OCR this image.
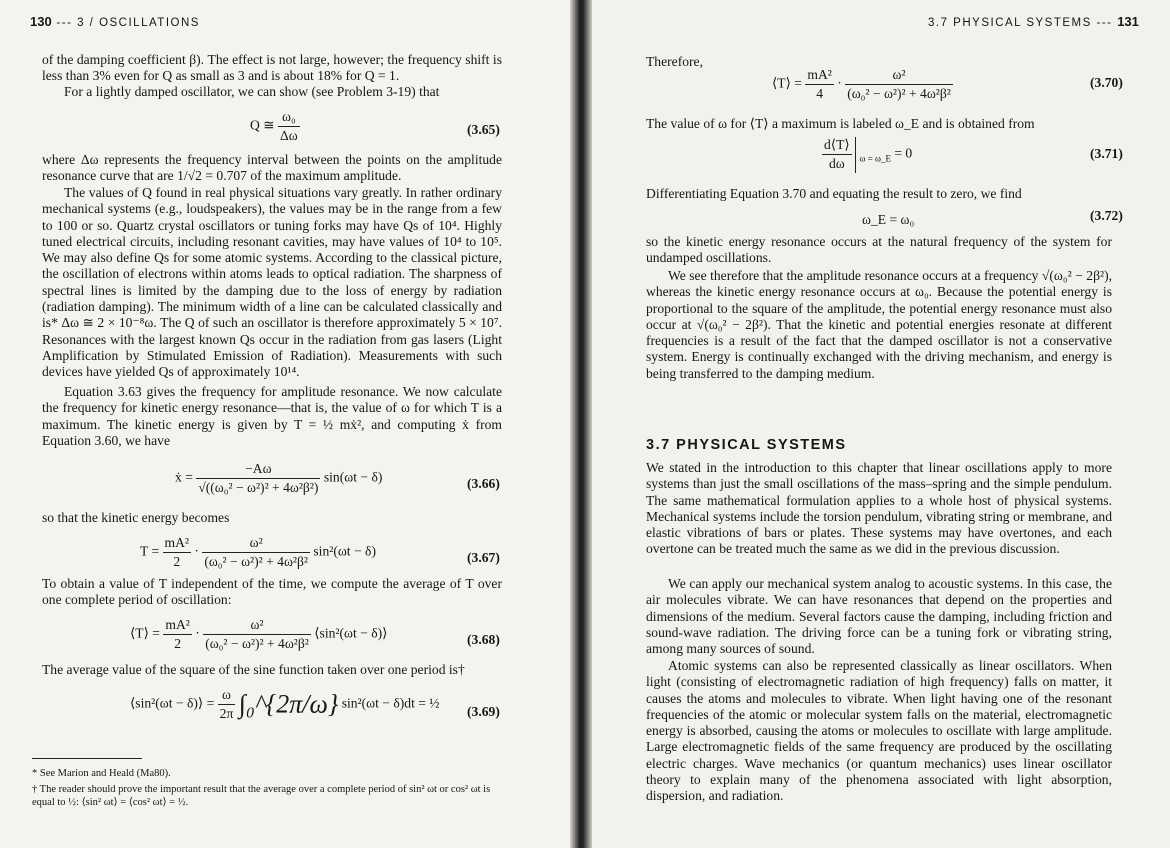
130 --- 3 / OSCILLATIONS

of the damping coefficient β). The effect is not large, however; the frequency shift is less than 3% even for Q as small as 3 and is about 18% for Q = 1.

For a lightly damped oscillator, we can show (see Problem 3-19) that

Q ≅ $\frac{\text{ω₀}}{\Delta\omega}$	(3.65)

where Δω represents the frequency interval between the points on the amplitude resonance curve that are 1/√2 = 0.707 of the maximum amplitude.

The values of Q found in real physical situations vary greatly. In rather ordinary mechanical systems (e.g., loudspeakers), the values may be in the range from a few to 100 or so. Quartz crystal oscillators or tuning forks may have Qs of 10⁴. Highly tuned electrical circuits, including resonant cavities, may have values of 10⁴ to 10⁵. We may also define Qs for some atomic systems. According to the classical picture, the oscillation of electrons within atoms leads to optical radiation. The sharpness of spectral lines is limited by the damping due to the loss of energy by radiation (radiation damping). The minimum width of a line can be calculated classically and is* Δω ≅ 2 × 10⁻⁸ω. The Q of such an oscillator is therefore approximately 5 × 10⁷. Resonances with the largest known Qs occur in the radiation from gas lasers (Light Amplification by Stimulated Emission of Radiation). Measurements with such devices have yielded Qs of approximately 10¹⁴.

Equation 3.63 gives the frequency for amplitude resonance. We now calculate the frequency for kinetic energy resonance—that is, the value of ω for which T is a maximum. The kinetic energy is given by T = ½ mẋ², and computing ẋ from Equation 3.60, we have

ẋ = $\frac{-A\omega}{\text{√((ω₀² − ω²)² + 4ω²β²)}} \sin(\omega t - \delta)$	(3.66)

so that the kinetic energy becomes

$T = \frac{\text{mA²}}{2} \cdot \frac{\text{ω²}}{\text{(ω₀² − ω²)² + 4ω²β²}} \sin^2(\omega t - \delta)$	(3.67)

To obtain a value of T independent of the time, we compute the average of T over one complete period of oscillation:

⟨T⟩ = $\frac{\text{mA²}}{2} \cdot \frac{\text{ω²}}{\text{(ω₀² − ω²)² + 4ω²β²}}$ ⟨sin²(ωt − δ)⟩	(3.68)

The average value of the square of the sine function taken over one period is†

⟨sin²(ωt − δ)⟩ = $\frac{\omega}{2\pi}$ ∫₀^{2π/ω} sin²(ωt − δ)dt = ½
(3.69)

* See Marion and Heald (Ma80).

† The reader should prove the important result that the average over a complete period of sin² ωt or cos² ωt is equal to ½: ⟨sin² ωt⟩ = ⟨cos² ωt⟩ = ½.

3.7 PHYSICAL SYSTEMS --- 131

Therefore,

⟨T⟩ = $\frac{\text{mA²}}{4} \cdot \frac{\text{ω²}}{\text{(ω₀² − ω²)² + 4ω²β²}}$	(3.70)

The value of ω for ⟨T⟩ a maximum is labeled ω_E and is obtained from

$\frac{d⟨T⟩}{d\omega} _{\omega = \omega\_E} = 0$	(3.71)

Differentiating Equation 3.70 and equating the result to zero, we find

ω_E = ω₀	(3.72)

so the kinetic energy resonance occurs at the natural frequency of the system for undamped oscillations.

We see therefore that the amplitude resonance occurs at a frequency √(ω₀² − 2β²), whereas the kinetic energy resonance occurs at ω₀. Because the potential energy is proportional to the square of the amplitude, the potential energy resonance must also occur at √(ω₀² − 2β²). That the kinetic and potential energies resonate at different frequencies is a result of the fact that the damped oscillator is not a conservative system. Energy is continually exchanged with the driving mechanism, and energy is being transferred to the damping medium.

3.7 PHYSICAL SYSTEMS

We stated in the introduction to this chapter that linear oscillations apply to more systems than just the small oscillations of the mass–spring and the simple pendulum. The same mathematical formulation applies to a whole host of physical systems. Mechanical systems include the torsion pendulum, vibrating string or membrane, and elastic vibrations of bars or plates. These systems may have overtones, and each overtone can be treated much the same as we did in the previous discussion.

We can apply our mechanical system analog to acoustic systems. In this case, the air molecules vibrate. We can have resonances that depend on the properties and dimensions of the medium. Several factors cause the damping, including friction and sound-wave radiation. The driving force can be a tuning fork or vibrating string, among many sources of sound.

Atomic systems can also be represented classically as linear oscillators. When light (consisting of electromagnetic radiation of high frequency) falls on matter, it causes the atoms and molecules to vibrate. When light having one of the resonant frequencies of the atomic or molecular system falls on the material, electromagnetic energy is absorbed, causing the atoms or molecules to oscillate with large amplitude. Large electromagnetic fields of the same frequency are produced by the oscillating electric charges. Wave mechanics (or quantum mechanics) uses linear oscillator theory to explain many of the phenomena associated with light absorption, dispersion, and radiation.
